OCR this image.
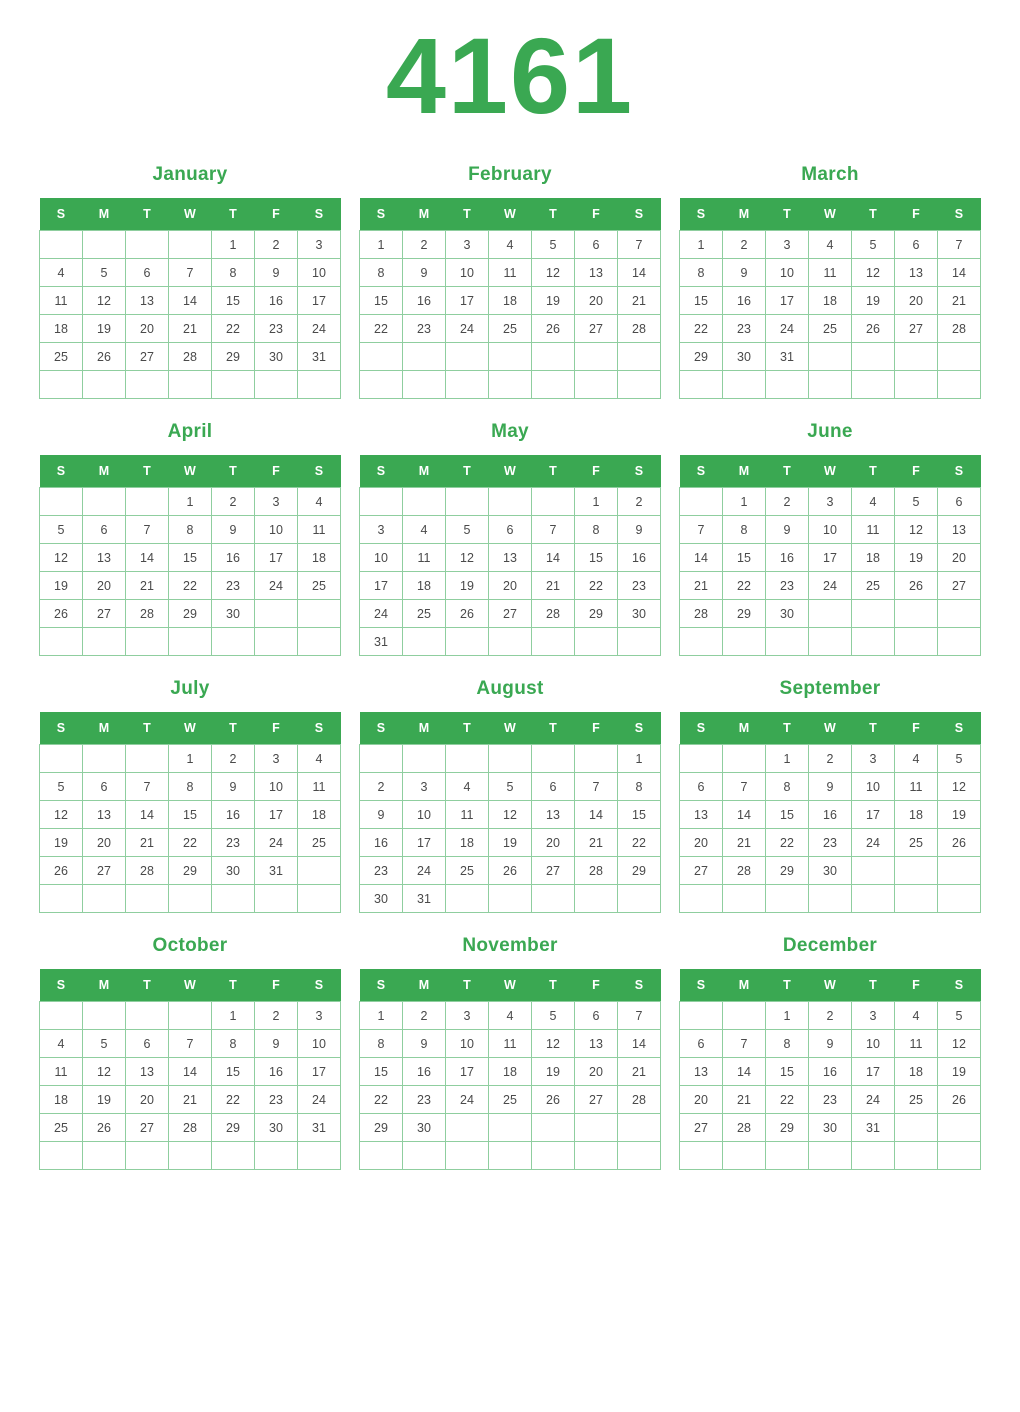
4161
January
S	M	T	W	T	F	S
				1	2	3
4	5	6	7	8	9	10
11	12	13	14	15	16	17
18	19	20	21	22	23	24
25	26	27	28	29	30	31

February
S	M	T	W	T	F	S
1	2	3	4	5	6	7
8	9	10	11	12	13	14
15	16	17	18	19	20	21
22	23	24	25	26	27	28

March
S	M	T	W	T	F	S
1	2	3	4	5	6	7
8	9	10	11	12	13	14
15	16	17	18	19	20	21
22	23	24	25	26	27	28
29	30	31				

April
S	M	T	W	T	F	S
			1	2	3	4
5	6	7	8	9	10	11
12	13	14	15	16	17	18
19	20	21	22	23	24	25
26	27	28	29	30		

May
S	M	T	W	T	F	S
					1	2
3	4	5	6	7	8	9
10	11	12	13	14	15	16
17	18	19	20	21	22	23
24	25	26	27	28	29	30
31						
June
S	M	T	W	T	F	S
	1	2	3	4	5	6
7	8	9	10	11	12	13
14	15	16	17	18	19	20
21	22	23	24	25	26	27
28	29	30				

July
S	M	T	W	T	F	S
			1	2	3	4
5	6	7	8	9	10	11
12	13	14	15	16	17	18
19	20	21	22	23	24	25
26	27	28	29	30	31	

August
S	M	T	W	T	F	S
						1
2	3	4	5	6	7	8
9	10	11	12	13	14	15
16	17	18	19	20	21	22
23	24	25	26	27	28	29
30	31					
September
S	M	T	W	T	F	S
		1	2	3	4	5
6	7	8	9	10	11	12
13	14	15	16	17	18	19
20	21	22	23	24	25	26
27	28	29	30			

October
S	M	T	W	T	F	S
				1	2	3
4	5	6	7	8	9	10
11	12	13	14	15	16	17
18	19	20	21	22	23	24
25	26	27	28	29	30	31

November
S	M	T	W	T	F	S
1	2	3	4	5	6	7
8	9	10	11	12	13	14
15	16	17	18	19	20	21
22	23	24	25	26	27	28
29	30					

December
S	M	T	W	T	F	S
		1	2	3	4	5
6	7	8	9	10	11	12
13	14	15	16	17	18	19
20	21	22	23	24	25	26
27	28	29	30	31		
